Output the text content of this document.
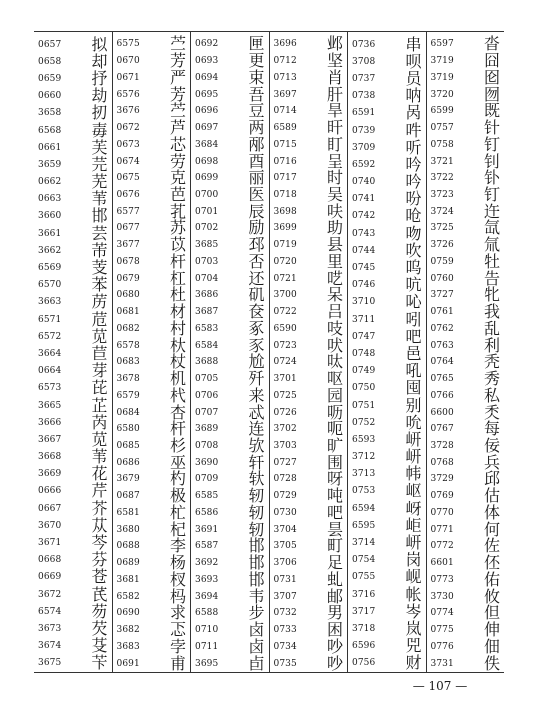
0657 拟
0658 却
0659 抒
0660 劫
3658 扨
6568 毐
0661 芙
3659 芫
0662 芜
0663 苇
3660 邯
3661 芸
3662 芾
6569 芰
6570 苯
3663 苈
6571 苊
6572 苋
3664 苣
0664 芽
6573 芘
3665 芷
3666 芮
3667 苋
3668 苇
3669 花
0666 芹
0667 芥
3670 苁
3671 芩
0668 芬
0669 苍
3672 芪
6574 芴
3673 芡
3674 芟
3675 苄
6575 苎
0670 芳
0671 严
6576 芳
3676 苎
0672 芦
0673 芯
0674 劳
0675 克
0676 芭
6577 芤
0677 苏
3677 苡
0678 杆
0679 杠
0680 杜
0681 材
0682 村
6578 杕
0683 杖
3678 机
6579 杙
0684 杏
6580 杆
0685 杉
0686 巫
3679 杓
0687 极
6581 杧
3680 杞
0688 李
0689 杨
3681 杈
6582 杩
0690 求
3682 忑
3683 孛
0691 甫
0692 匣
0693 更
0694 束
0695 吾
0696 豆
0697 两
3684 邴
0698 酉
0699 丽
0700 医
0701 辰
0702 励
3685 邳
0703 否
0704 还
3686 矶
3687 奁
6583 豖
6584 豕
3688 尬
0705 歼
0706 来
0707 忒
3689 连
0708 欤
3690 轩
0709 轪
6585 轫
6586 轫
3691 轫
6587 邯
3692 邯
3693 邯
3694 韦
6588 步
0710 卤
0711 卤
3695 卣
3696 邺
0712 坚
0713 肖
3697 肝
0714 旱
6589 旰
0715 盯
0716 呈
0717 时
0718 吴
3698 呋
3699 助
0719 县
0720 里
0721 呓
3700 呆
0722 吕
6590 吱
0723 吠
0724 呔
3701 呕
0725 园
0726 呖
3702 呃
3703 旷
0727 围
0728 呀
0729 吨
0730 吧
3704 昙
3705 町
3706 足
0731 虬
3707 邮
0732 男
0733 困
0734 吵
0735 吵
0736 串
3708 呗
0737 员
0738 呐
6591 呙
0739 吽
3709 听
6592 吟
0740 吟
0741 吩
0742 呛
0743 吻
0744 吹
0745 呜
0746 吭
3710 吣
3711 吲
0747 吧
0748 邑
0749 吼
0750 囤
0751 别
0752 吮
6593 岍
3712 岍
3713 帏
0753 岖
6594 岈
6595 岠
3714 岍
0754 岗
0755 岘
3716 帐
3717 岑
3718 岚
6596 兕
0756 财
6597 沓
3719 囧
3719 囵
3720 囫
6599 既
0757 针
0758 钉
3721 钊
3722 钋
3723 钉
3724 迕
3725 氙
3726 氚
0759 牡
0760 告
3727 牝
0761 我
0762 乱
0763 利
0764 秃
0765 秀
0766 私
6600 秂
0767 每
3728 佞
0768 兵
3729 邱
0769 估
0770 体
0771 何
0772 佐
6601 伾
0773 佑
3730 攸
0774 但
0775 伸
0776 佃
3731 佚
— 107 —
